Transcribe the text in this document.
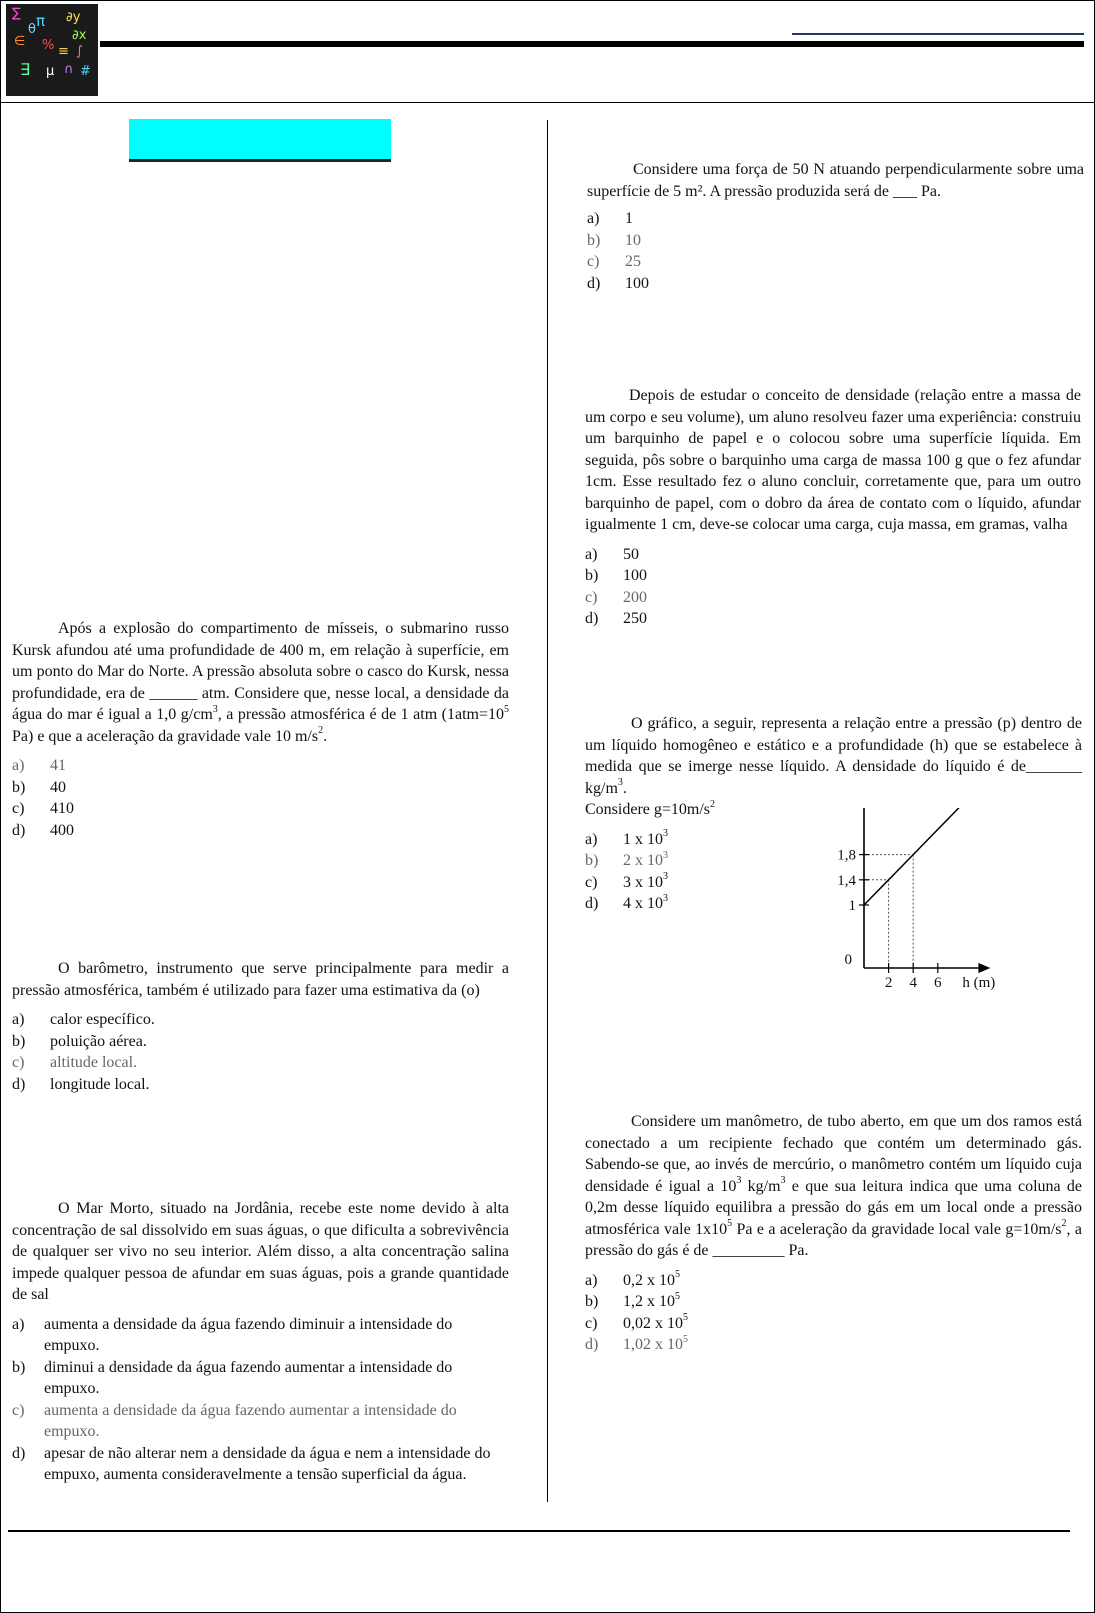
∑ π ∂y
∂x
∈ %
∃ μ ∩ #
≡
θ
∫

Considere uma força de 50 N atuando perpendicularmente sobre uma superfície de 5 m². A pressão produzida será de ___ Pa.

a)	1
b)	10
c)	25
d)	100

Depois de estudar o conceito de densidade (relação entre a massa de um corpo e seu volume), um aluno resolveu fazer uma experiência: construiu um barquinho de papel e o colocou sobre uma superfície líquida. Em seguida, pôs sobre o barquinho uma carga de massa 100 g que o fez afundar 1cm. Esse resultado fez o aluno concluir, corretamente que, para um outro barquinho de papel, com o dobro da área de contato com o líquido, afundar igualmente 1 cm, deve-se colocar uma carga, cuja massa, em gramas, valha

a)	50
b)	100
c)	200
d)	250

Após a explosão do compartimento de mísseis, o submarino russo Kursk afundou até uma profundidade de 400 m, em relação à superfície, em um ponto do Mar do Norte. A pressão absoluta sobre o casco do Kursk, nessa profundidade, era de ______ atm. Considere que, nesse local, a densidade da água do mar é igual a 1,0 $g/cm^3$, a pressão atmosférica é de 1 atm ($1atm=10^5$ Pa) e que a aceleração da gravidade vale 10 $m/s^2$.

a)	41
b)	40
c)	410
d)	400

O gráfico, a seguir, representa a relação entre a pressão (p) dentro de um líquido homogêneo e estático e a profundidade (h) que se estabelece à medida que se imerge nesse líquido. A densidade do líquido é de_______ $kg/m^3$.
Considere $g=10m/s^2$

a)	1 x $10^3$
b)	2 x $10^3$
c)	3 x $10^3$
d)	4 x $10^3$
2 4 6
1
1,4
1,8
0
h (m)

O barômetro, instrumento que serve principalmente para medir a pressão atmosférica, também é utilizado para fazer uma estimativa da (o)

a)	calor específico.
b)	poluição aérea.
c)	altitude local.
d)	longitude local.

Considere um manômetro, de tubo aberto, em que um dos ramos está conectado a um recipiente fechado que contém um determinado gás. Sabendo-se que, ao invés de mercúrio, o manômetro contém um líquido cuja densidade é igual a $10^3$ $kg/m^3$ e que sua leitura indica que uma coluna de 0,2m desse líquido equilibra a pressão do gás em um local onde a pressão atmosférica vale $1x10^5$ Pa e a aceleração da gravidade local vale $g=10m/s^2$, a pressão do gás é de _________ Pa.

a)	0,2 x $10^5$
b)	1,2 x $10^5$
c)	0,02 x $10^5$
d)	1,02 x $10^5$

O Mar Morto, situado na Jordânia, recebe este nome devido à alta concentração de sal dissolvido em suas águas, o que dificulta a sobrevivência de qualquer ser vivo no seu interior. Além disso, a alta concentração salina impede qualquer pessoa de afundar em suas águas, pois a grande quantidade de sal

a)	aumenta a densidade da água fazendo diminuir a intensidade do empuxo.
b)	diminui a densidade da água fazendo aumentar a intensidade do empuxo.
c)	aumenta a densidade da água fazendo aumentar a intensidade do empuxo.
d)	apesar de não alterar nem a densidade da água e nem a intensidade do empuxo, aumenta consideravelmente a tensão superficial da água.
